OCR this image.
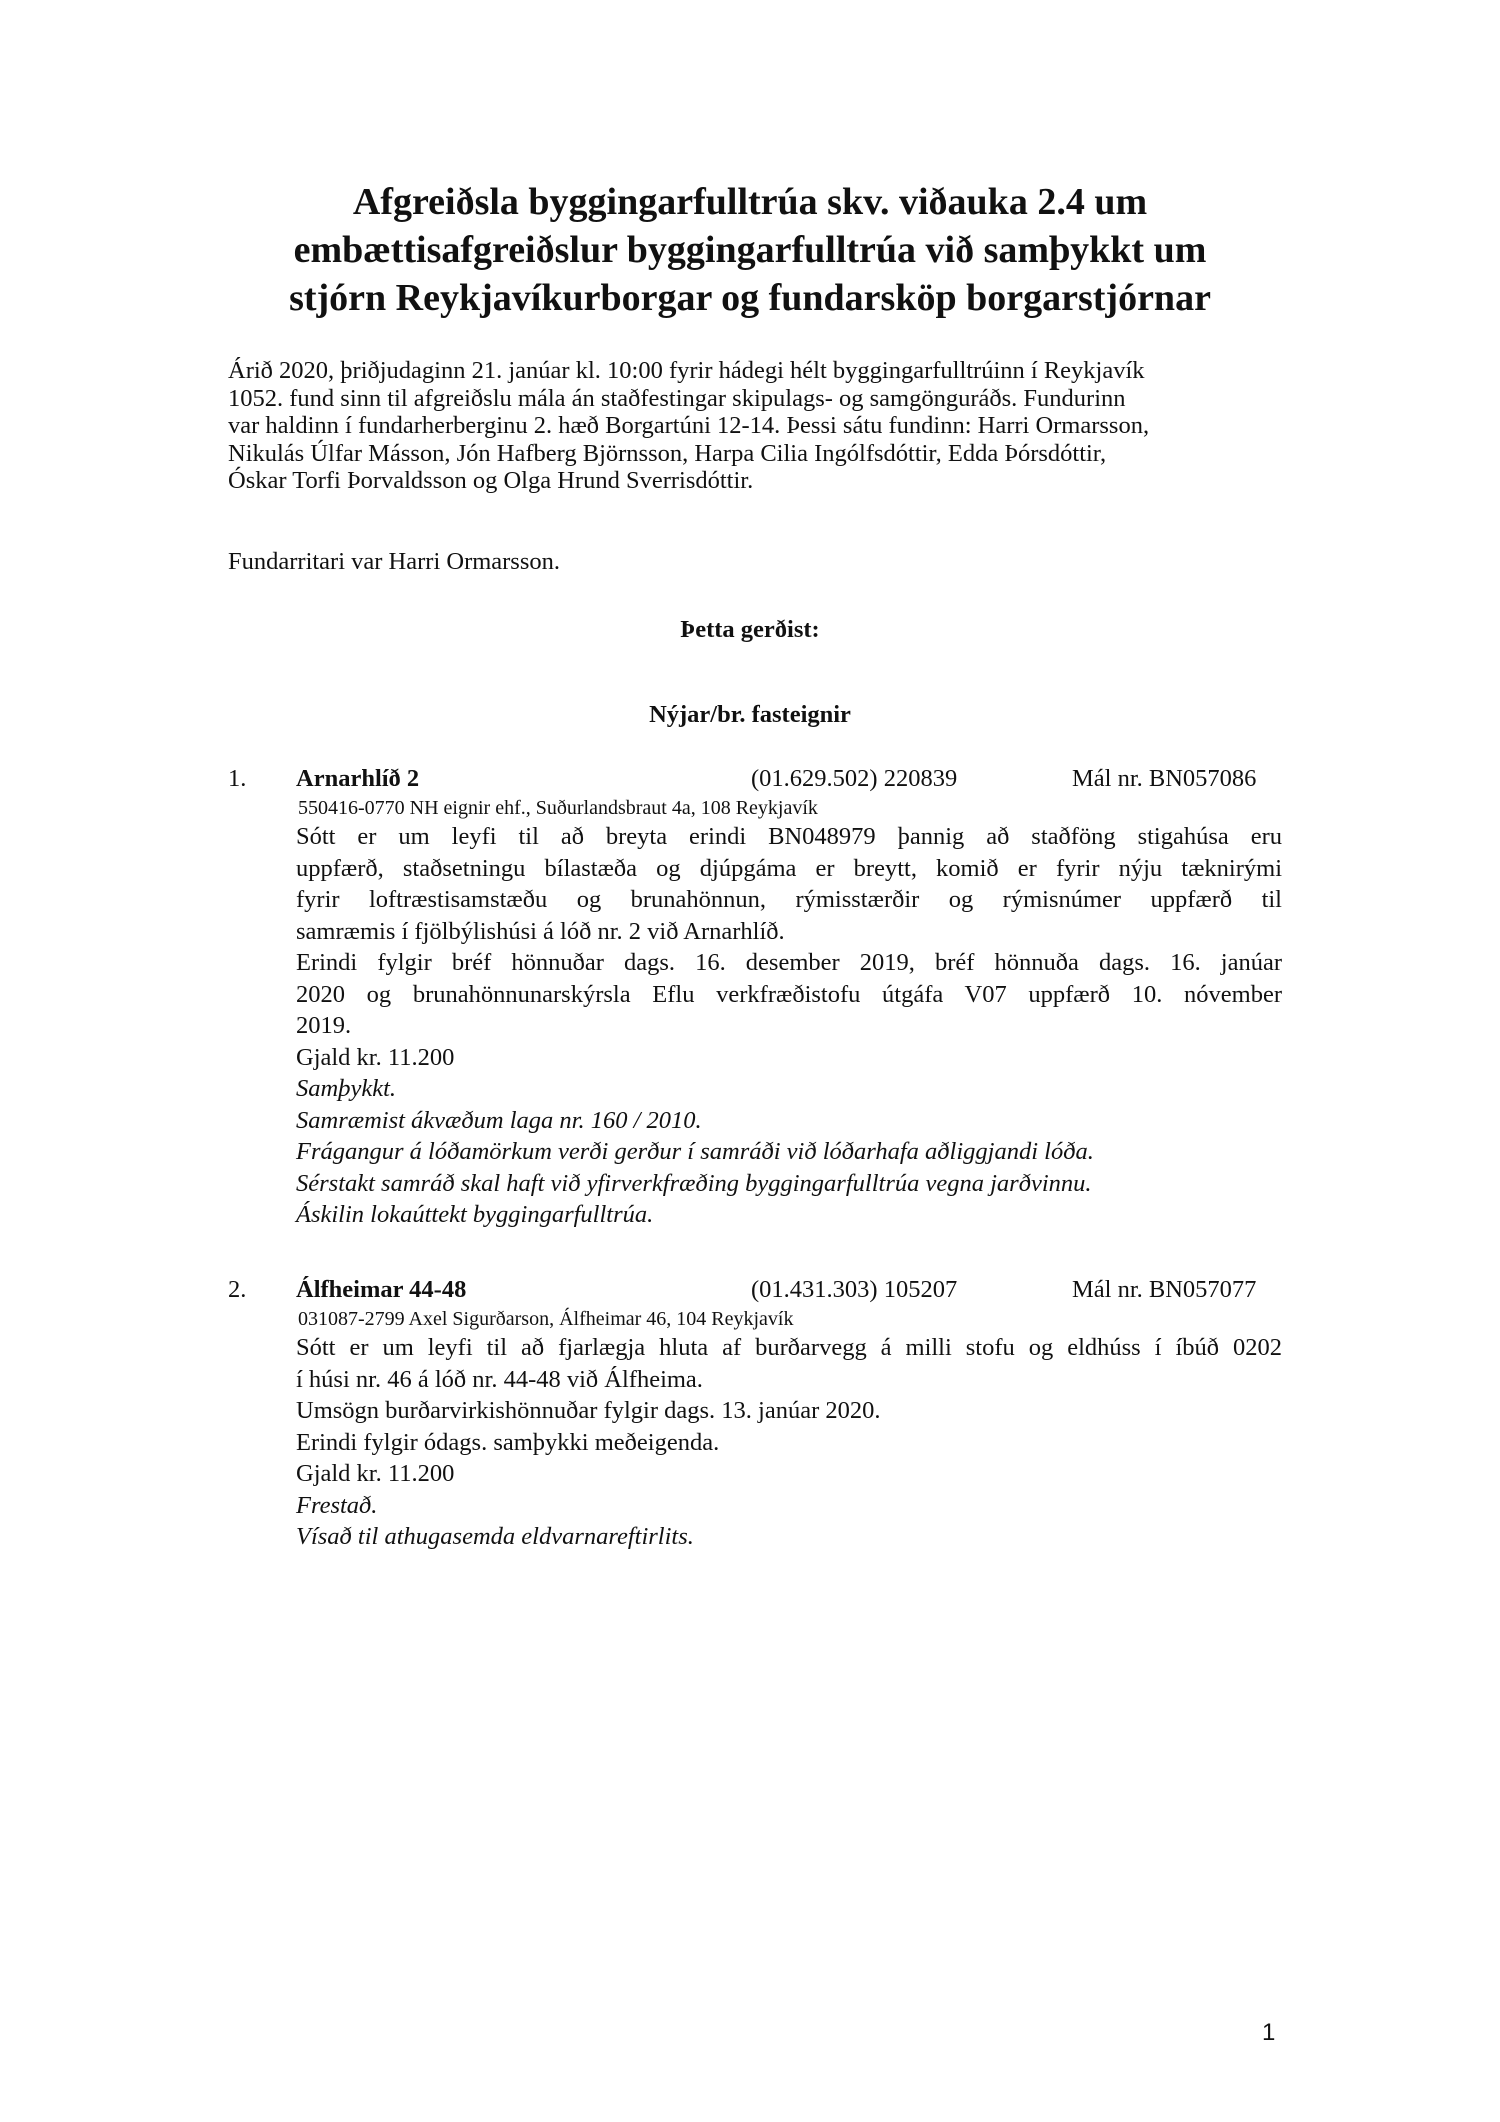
Afgreiðsla byggingarfulltrúa skv. viðauka 2.4 um
embættisafgreiðslur byggingarfulltrúa við samþykkt um
stjórn Reykjavíkurborgar og fundarsköp borgarstjórnar
Árið 2020, þriðjudaginn 21. janúar kl. 10:00 fyrir hádegi hélt byggingarfulltrúinn í Reykjavík
1052. fund sinn til afgreiðslu mála án staðfestingar skipulags- og samgönguráðs. Fundurinn
var haldinn í fundarherberginu 2. hæð Borgartúni 12-14. Þessi sátu fundinn: Harri Ormarsson,
Nikulás Úlfar Másson, Jón Hafberg Björnsson, Harpa Cilia Ingólfsdóttir, Edda Þórsdóttir,
Óskar Torfi Þorvaldsson og Olga Hrund Sverrisdóttir.
Fundarritari var Harri Ormarsson.
Þetta gerðist:
Nýjar/br. fasteignir
1. Arnarhlíð 2	(01.629.502) 220839	Mál nr. BN057086
550416-0770 NH eignir ehf., Suðurlandsbraut 4a, 108 Reykjavík
Sótt er um leyfi til að breyta erindi BN048979 þannig að staðföng stigahúsa eru
uppfærð, staðsetningu bílastæða og djúpgáma er breytt, komið er fyrir nýju tæknirými
fyrir loftræstisamstæðu og brunahönnun, rýmisstærðir og rýmisnúmer uppfærð til
samræmis í fjölbýlishúsi á lóð nr. 2 við Arnarhlíð.
Erindi fylgir bréf hönnuðar dags. 16. desember 2019, bréf hönnuða dags. 16. janúar
2020 og brunahönnunarskýrsla Eflu verkfræðistofu útgáfa V07 uppfærð 10. nóvember
2019.
Gjald kr. 11.200
Samþykkt.
Samræmist ákvæðum laga nr. 160 / 2010.
Frágangur á lóðamörkum verði gerður í samráði við lóðarhafa aðliggjandi lóða.
Sérstakt samráð skal haft við yfirverkfræðing byggingarfulltrúa vegna jarðvinnu.
Áskilin lokaúttekt byggingarfulltrúa.
2. Álfheimar 44-48	(01.431.303) 105207	Mál nr. BN057077
031087-2799 Axel Sigurðarson, Álfheimar 46, 104 Reykjavík
Sótt er um leyfi til að fjarlægja hluta af burðarvegg á milli stofu og eldhúss í íbúð 0202
í húsi nr. 46 á lóð nr. 44-48 við Álfheima.
Umsögn burðarvirkishönnuðar fylgir dags. 13. janúar 2020.
Erindi fylgir ódags. samþykki meðeigenda.
Gjald kr. 11.200
Frestað.
Vísað til athugasemda eldvarnareftirlits.
1
